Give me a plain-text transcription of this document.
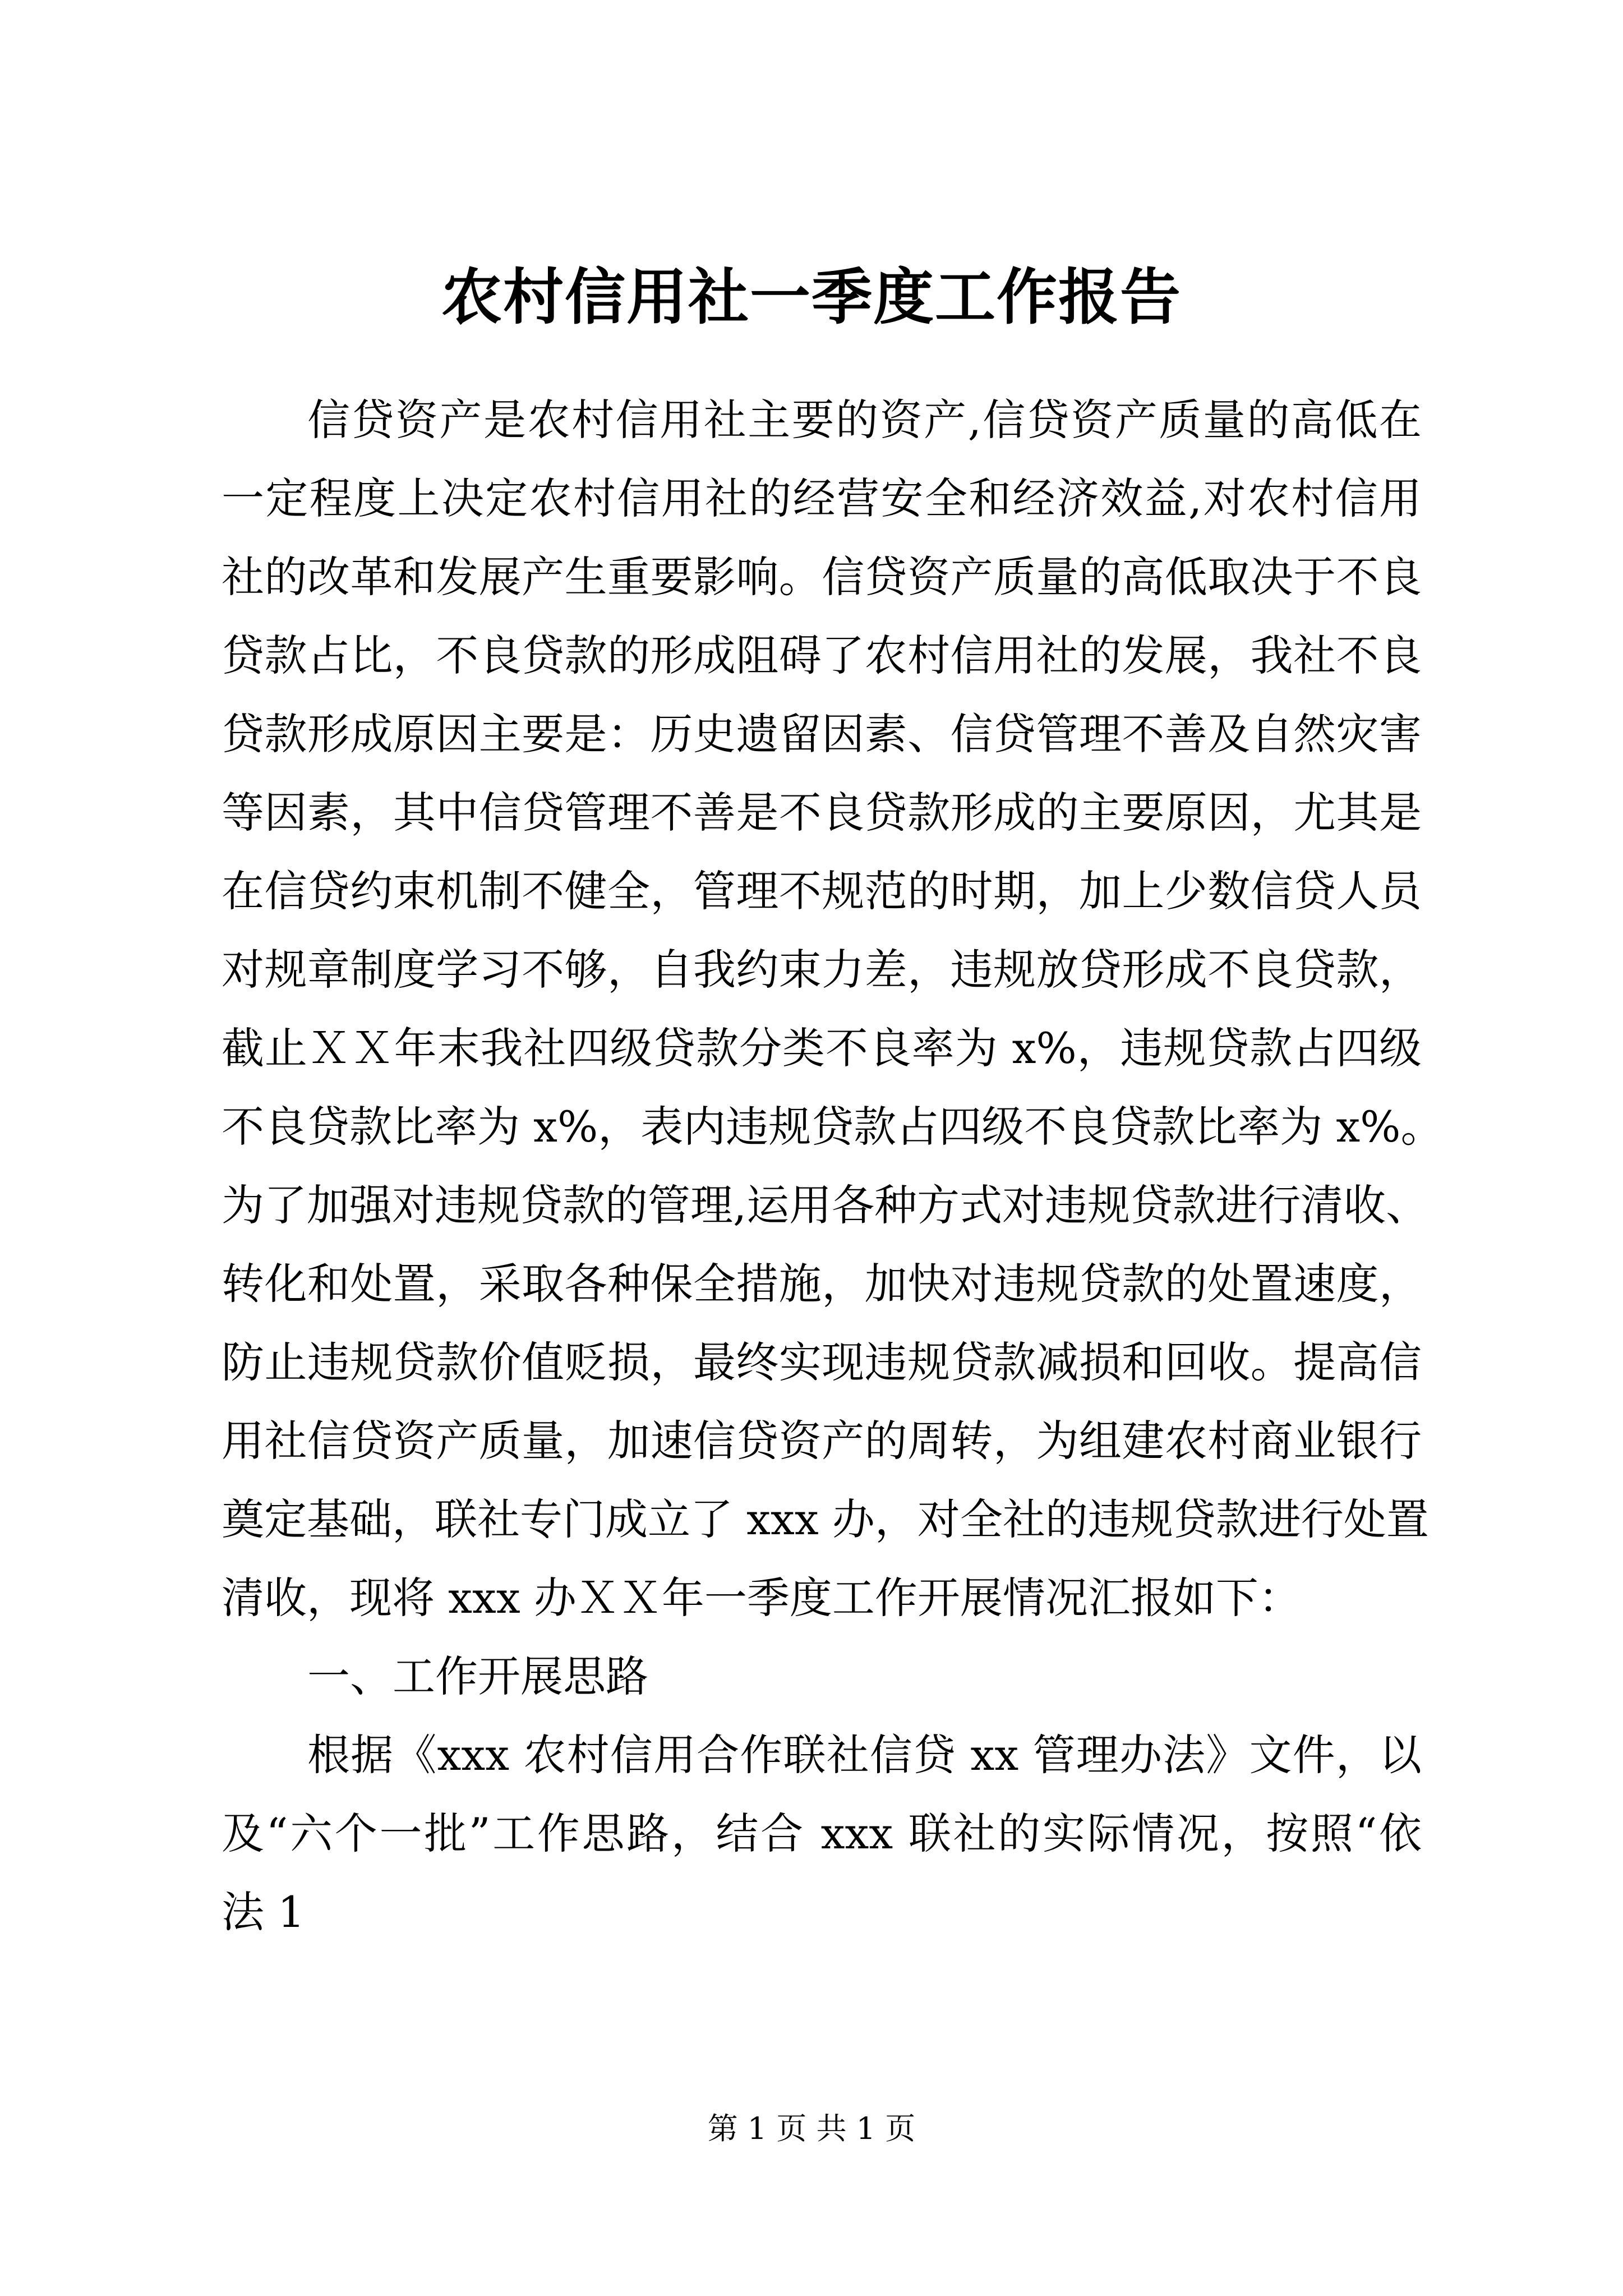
农村信用社一季度工作报告
信贷资产是农村信用社主要的资产,信贷资产质量的高低在
一定程度上决定农村信用社的经营安全和经济效益,对农村信用
社的改革和发展产生重要影响。信贷资产质量的高低取决于不良
贷款占比，不良贷款的形成阻碍了农村信用社的发展，我社不良
贷款形成原因主要是：历史遗留因素、信贷管理不善及自然灾害
等因素，其中信贷管理不善是不良贷款形成的主要原因，尤其是
在信贷约束机制不健全，管理不规范的时期，加上少数信贷人员
对规章制度学习不够，自我约束力差，违规放贷形成不良贷款，
截止ＸＸ年末我社四级贷款分类不良率为 x%，违规贷款占四级
不良贷款比率为 x%，表内违规贷款占四级不良贷款比率为 x%。
为了加强对违规贷款的管理,运用各种方式对违规贷款进行清收、
转化和处置，采取各种保全措施，加快对违规贷款的处置速度，
防止违规贷款价值贬损，最终实现违规贷款减损和回收。提高信
用社信贷资产质量，加速信贷资产的周转，为组建农村商业银行
奠定基础，联社专门成立了 xxx 办，对全社的违规贷款进行处置
清收，现将 xxx 办ＸＸ年一季度工作开展情况汇报如下：
一、工作开展思路
根据《xxx 农村信用合作联社信贷 xx 管理办法》文件，以
及“六个一批”工作思路，结合 xxx 联社的实际情况，按照“依
法 1
第 1 页 共 1 页
